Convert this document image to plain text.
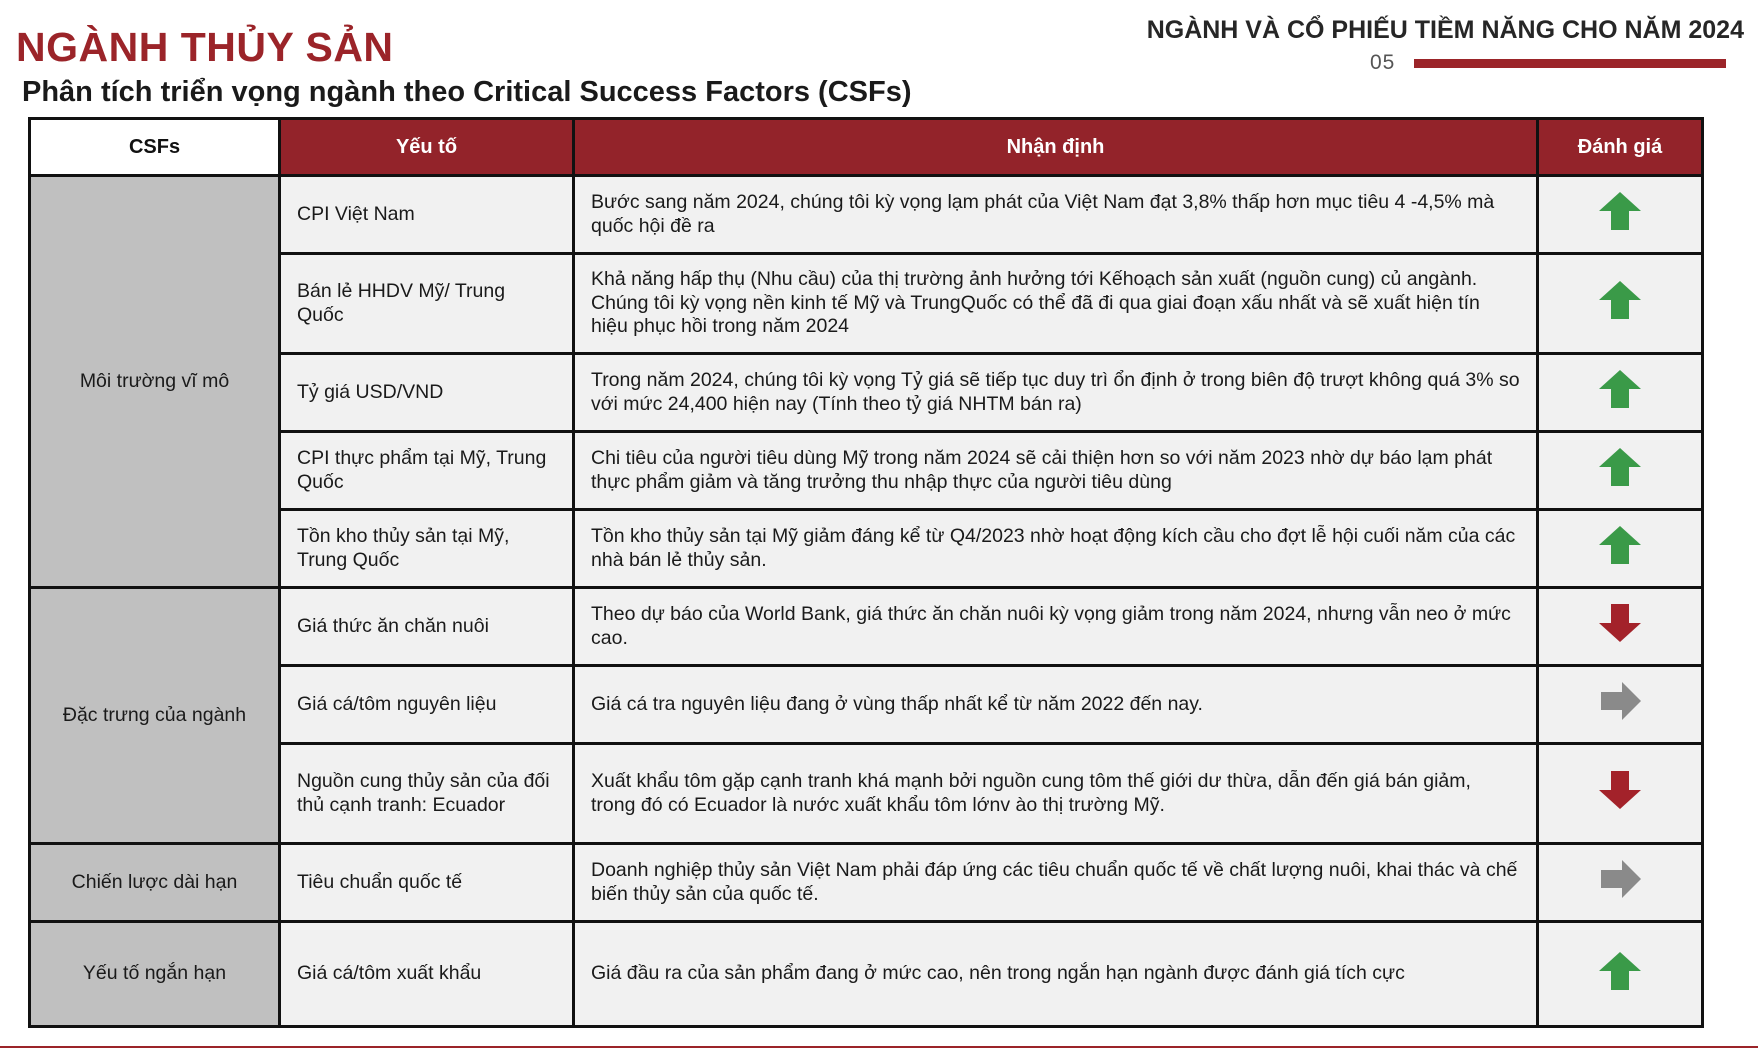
NGÀNH THỦY SẢN
Phân tích triển vọng ngành theo Critical Success Factors (CSFs)
NGÀNH VÀ CỔ PHIẾU TIỀM NĂNG CHO NĂM 2024
05
CSFs	Yếu tố	Nhận định	Đánh giá
Môi trường vĩ mô	CPI Việt Nam	Bước sang năm 2024, chúng tôi kỳ vọng lạm phát của Việt Nam đạt 3,8% thấp hơn mục tiêu 4 -4,5% mà quốc hội đề ra	
	Bán lẻ HHDV Mỹ/ Trung Quốc	Khả năng hấp thụ (Nhu cầu) của thị trường ảnh hưởng tới Kếhoạch sản xuất (nguồn cung) củ angành. Chúng tôi kỳ vọng nền kinh tế Mỹ và TrungQuốc có thể đã đi qua giai đoạn xấu nhất và sẽ xuất hiện tín hiệu phục hồi trong năm 2024	
	Tỷ giá USD/VND	Trong năm 2024, chúng tôi kỳ vọng Tỷ giá sẽ tiếp tục duy trì ổn định ở trong biên độ trượt không quá 3% so với mức 24,400 hiện nay (Tính theo tỷ giá NHTM bán ra)	
	CPI thực phẩm tại Mỹ, Trung Quốc	Chi tiêu của người tiêu dùng Mỹ trong năm 2024 sẽ cải thiện hơn so với năm 2023 nhờ dự báo lạm phát thực phẩm giảm và tăng trưởng thu nhập thực của người tiêu dùng	
	Tồn kho thủy sản tại Mỹ, Trung Quốc	Tồn kho thủy sản tại Mỹ giảm đáng kể từ Q4/2023 nhờ hoạt động kích cầu cho đợt lễ hội cuối năm của các nhà bán lẻ thủy sản.	
Đặc trưng của ngành	Giá thức ăn chăn nuôi	Theo dự báo của World Bank, giá thức ăn chăn nuôi kỳ vọng giảm trong năm 2024, nhưng vẫn neo ở mức cao.	
	Giá cá/tôm nguyên liệu	Giá cá tra nguyên liệu đang ở vùng thấp nhất kể từ năm 2022 đến nay.	
	Nguồn cung thủy sản của đối thủ cạnh tranh: Ecuador	Xuất khẩu tôm gặp cạnh tranh khá mạnh bởi nguồn cung tôm thế giới dư thừa, dẫn đến giá bán giảm, trong đó có Ecuador là nước xuất khẩu tôm lớnv ào thị trường Mỹ.	
Chiến lược dài hạn	Tiêu chuẩn quốc tế	Doanh nghiệp thủy sản Việt Nam phải đáp ứng các tiêu chuẩn quốc tế về chất lượng nuôi, khai thác và chế biến thủy sản của quốc tế.	
Yếu tố ngắn hạn	Giá cá/tôm xuất khẩu	Giá đầu ra của sản phẩm đang ở mức cao, nên trong ngắn hạn ngành được đánh giá tích cực	
